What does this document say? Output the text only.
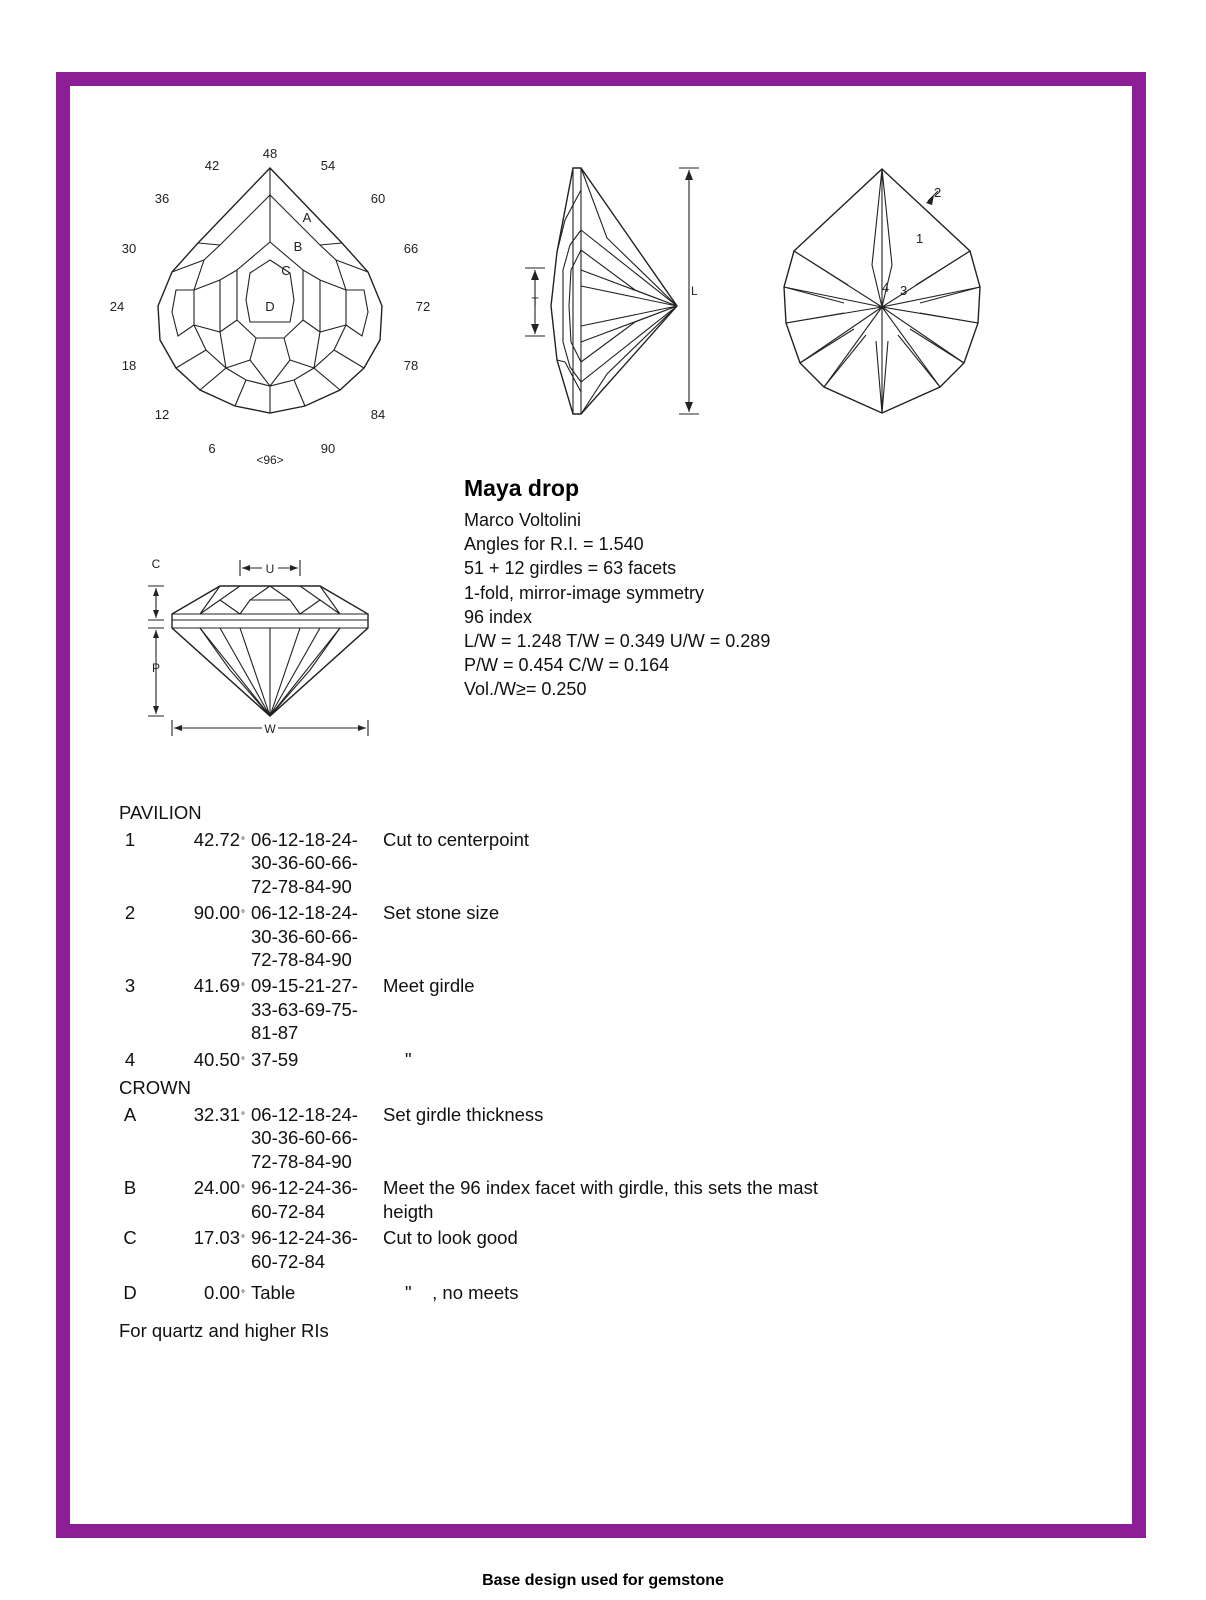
48
54
60
66
72
78
84
90
<96>
6
12
18
24
30
36
42
A
B
C
D	T
L
1
2
3
4
C
P
U
W
Maya drop
Marco Voltolini
Angles for R.I. = 1.540
51 + 12 girdles = 63 facets
1-fold, mirror-image symmetry
96 index
L/W = 1.248 T/W = 0.349 U/W = 0.289
P/W = 0.454 C/W = 0.164
Vol./W≥= 0.250
PAVILION
1	42.72° 06-12-18-24-
30-36-60-66-
72-78-84-90
Cut to centerpoint
2	90.00° 06-12-18-24-
30-36-60-66-
72-78-84-90
Set stone size
3	41.69° 09-15-21-27-
33-63-69-75-
81-87
Meet girdle
4	40.50° 37-59	"
CROWN
A	32.31° 06-12-18-24-
30-36-60-66-
72-78-84-90
Set girdle thickness
B	24.00° 96-12-24-36-
60-72-84
Meet the 96 index facet with girdle, this sets the mast heigth
C	17.03° 96-12-24-36-
60-72-84
Cut to look good
D	0.00° Table	"    , no meets
For quartz and higher RIs
Base design used for gemstone
